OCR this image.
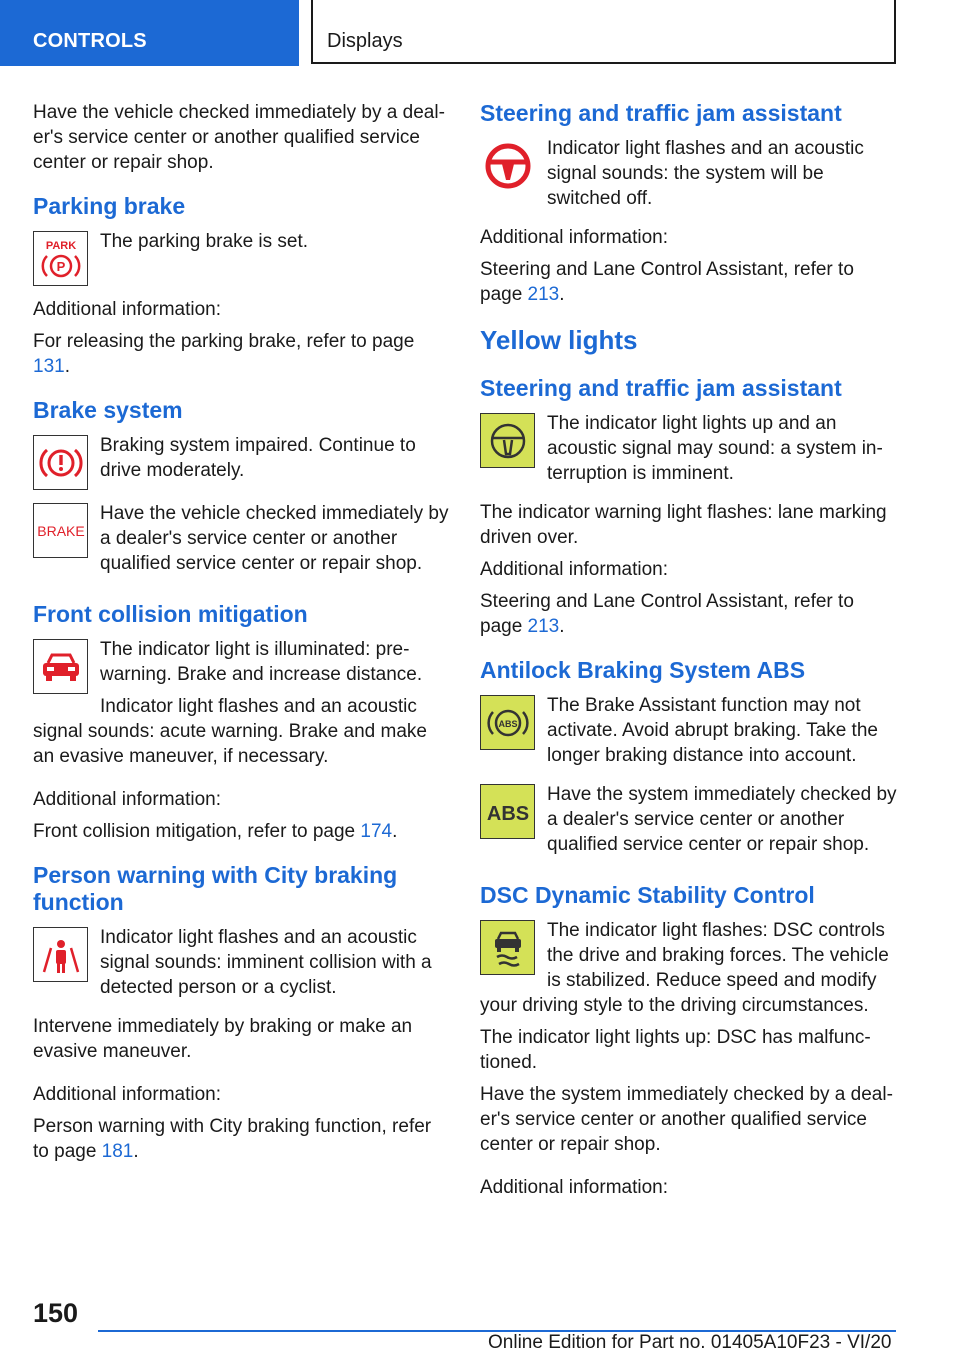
CONTROLS	Displays

Have the vehicle checked immediately by a dealer's service center or another qualified service center or repair shop.

Parking brake
PARK
P

The parking brake is set.

Additional information:

For releasing the parking brake, refer to page 131.

Brake system

Braking system impaired. Continue to drive moderately.

BRAKE

Have the vehicle checked immediately by a dealer's service center or another qualified service center or repair shop.

Front collision mitigation

The indicator light is illuminated: prewarning. Brake and increase distance.

Indicator light flashes and an acoustic signal sounds: acute warning. Brake and make an evasive maneuver, if necessary.

Additional information:

Front collision mitigation, refer to page 174.

Person warning with City braking function

Indicator light flashes and an acoustic signal sounds: imminent collision with a detected person or a cyclist.

Intervene immediately by braking or make an evasive maneuver.

Additional information:

Person warning with City braking function, refer to page 181.

Steering and traffic jam assistant

Indicator light flashes and an acoustic signal sounds: the system will be switched off.

Additional information:

Steering and Lane Control Assistant, refer to page 213.

Yellow lights
Steering and traffic jam assistant

The indicator light lights up and an acoustic signal may sound: a system interruption is imminent.

The indicator warning light flashes: lane marking driven over.

Additional information:

Steering and Lane Control Assistant, refer to page 213.

Antilock Braking System ABS
ABS

The Brake Assistant function may not activate. Avoid abrupt braking. Take the longer braking distance into account.

ABS

Have the system immediately checked by a dealer's service center or another qualified service center or repair shop.

DSC Dynamic Stability Control

The indicator light flashes: DSC controls the drive and braking forces. The vehicle is stabilized. Reduce speed and modify your driving style to the driving circumstances.

The indicator light lights up: DSC has malfunctioned.

Have the system immediately checked by a dealer's service center or another qualified service center or repair shop.

Additional information:

150
Online Edition for Part no. 01405A10F23 - VI/20
